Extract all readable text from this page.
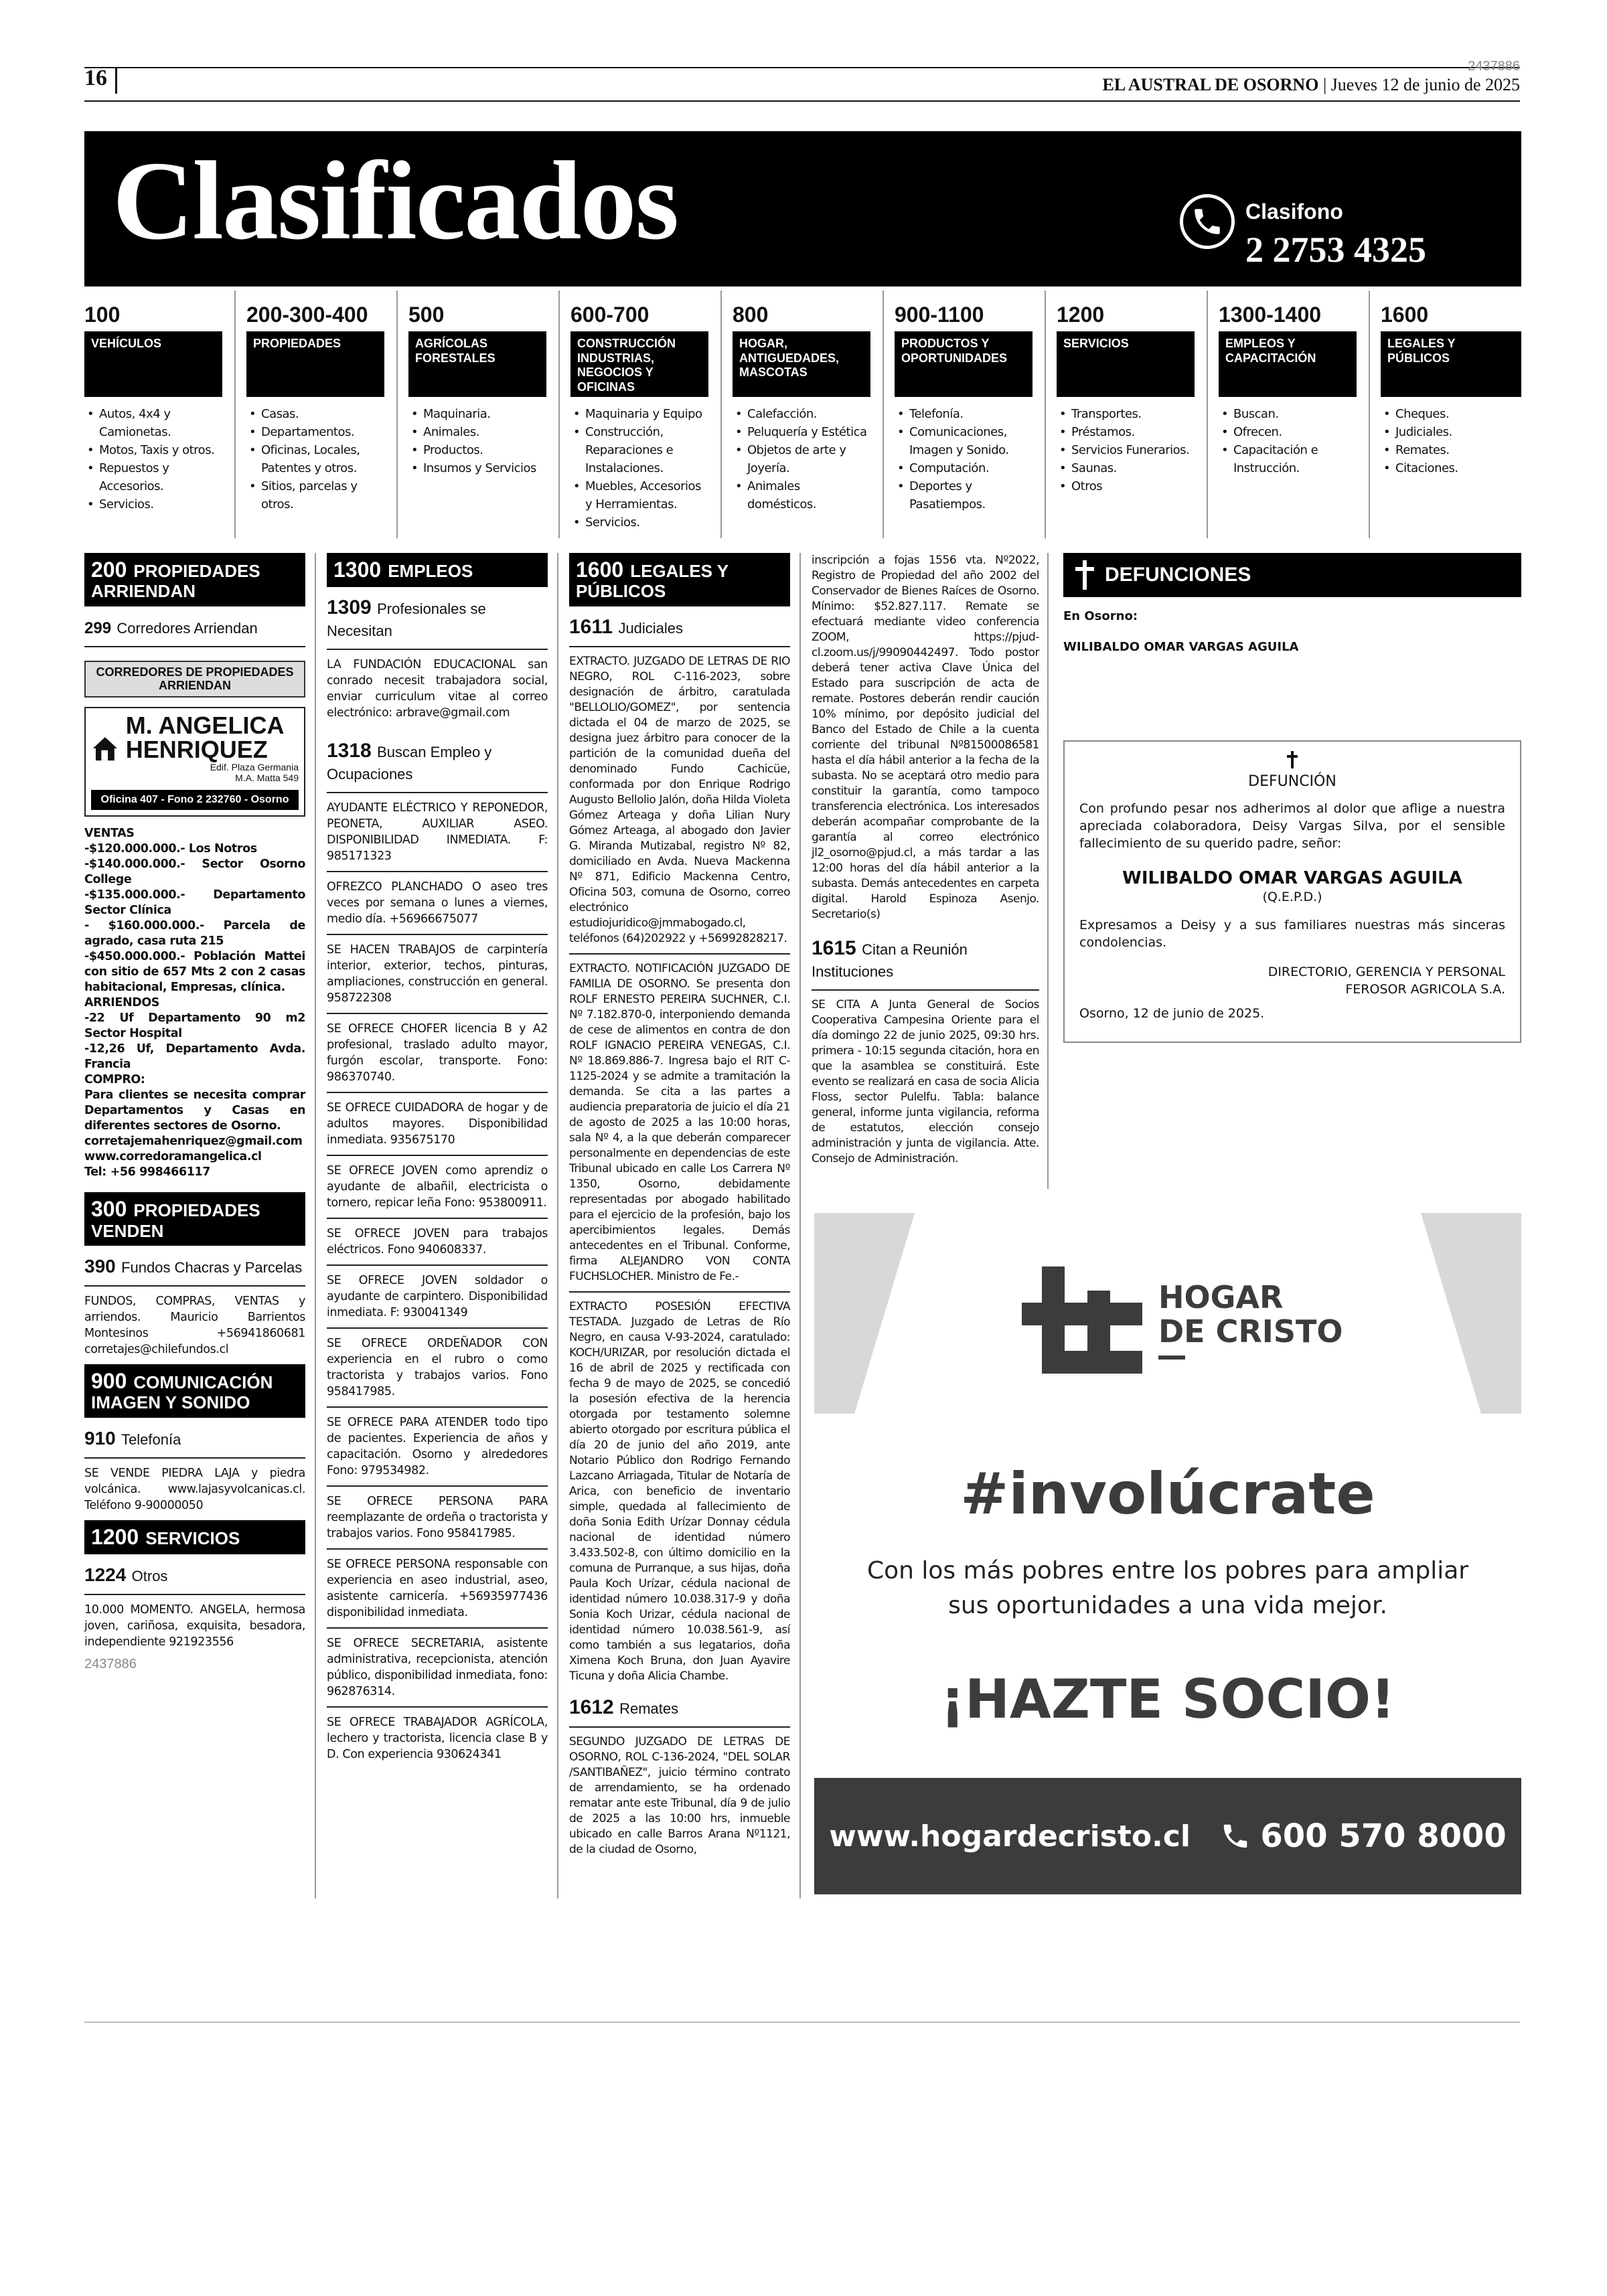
16	2437886
EL AUSTRAL DE OSORNO | Jueves 12 de junio de 2025
Clasificados	Clasifono
2 2753 4325
100
VEHÍCULOS
• Autos, 4x4 y Camionetas.
• Motos, Taxis y otros.
• Repuestos y Accesorios.
• Servicios.
200-300-400
PROPIEDADES
• Casas.
• Departamentos.
• Oficinas, Locales, Patentes y otros.
• Sitios, parcelas y otros.
500
AGRÍCOLAS FORESTALES
• Maquinaria.
• Animales.
• Productos.
• Insumos y Servicios
600-700
CONSTRUCCIÓN INDUSTRIAS, NEGOCIOS Y OFICINAS
• Maquinaria y Equipo
• Construcción, Reparaciones e Instalaciones.
• Muebles, Accesorios y Herramientas.
• Servicios.
800
HOGAR, ANTIGUEDADES, MASCOTAS
• Calefacción.
• Peluquería y Estética
• Objetos de arte y Joyería.
• Animales domésticos.
900-1100
PRODUCTOS Y OPORTUNIDADES
• Telefonía.
• Comunicaciones, Imagen y Sonido.
• Computación.
• Deportes y Pasatiempos.
1200
SERVICIOS
• Transportes.
• Préstamos.
• Servicios Funerarios.
• Saunas.
• Otros
1300-1400
EMPLEOS Y CAPACITACIÓN
• Buscan.
• Ofrecen.
• Capacitación e Instrucción.
1600
LEGALES Y PÚBLICOS
• Cheques.
• Judiciales.
• Remates.
• Citaciones.
200 PROPIEDADES ARRIENDAN
299 Corredores Arriendan
CORREDORES DE PROPIEDADES ARRIENDAN
M. ANGELICA HENRIQUEZ
Edif. Plaza Germania
M.A. Matta 549
Oficina 407 - Fono 2 232760 - Osorno
VENTAS
-$120.000.000.- Los Notros
-$140.000.000.- Sector Osorno College
-$135.000.000.- Departamento Sector Clínica
- $160.000.000.- Parcela de agrado, casa ruta 215
-$450.000.000.- Población Mattei con sitio de 657 Mts 2 con 2 casas habitacional, Empresas, clínica.
ARRIENDOS
-22 Uf Departamento 90 m2 Sector Hospital
-12,26 Uf, Departamento Avda. Francia
COMPRO:
Para clientes se necesita comprar Departamentos y Casas en diferentes sectores de Osorno.
corretajemahenriquez@gmail.com
www.corredoramangelica.cl
Tel: +56 998466117
300 PROPIEDADES VENDEN
390 Fundos Chacras y Parcelas
FUNDOS, COMPRAS, VENTAS y arriendos. Mauricio Barrientos Montesinos +56941860681 corretajes@chilefundos.cl
900 COMUNICACIÓN IMAGEN Y SONIDO
910 Telefonía
SE VENDE PIEDRA LAJA y piedra volcánica. www.lajasyvolcanicas.cl. Teléfono 9-90000050
1200 SERVICIOS
1224 Otros
10.000 MOMENTO. ANGELA, hermosa joven, cariñosa, exquisita, besadora, independiente 921923556
2437886
1300 EMPLEOS
1309 Profesionales se Necesitan
LA FUNDACIÓN EDUCACIONAL san conrado necesit trabajadora social, enviar curriculum vitae al correo electrónico: arbrave@gmail.com
1318 Buscan Empleo y Ocupaciones
AYUDANTE ELÉCTRICO Y REPONEDOR, PEONETA, AUXILIAR ASEO. DISPONIBILIDAD INMEDIATA. F: 985171323
OFREZCO PLANCHADO O aseo tres veces por semana o lunes a viernes, medio día. +56966675077
SE HACEN TRABAJOS de carpintería interior, exterior, techos, pinturas, ampliaciones, construcción en general. 958722308
SE OFRECE CHOFER licencia B y A2 profesional, traslado adulto mayor, furgón escolar, transporte. Fono: 986370740.
SE OFRECE CUIDADORA de hogar y de adultos mayores. Disponibilidad inmediata. 935675170
SE OFRECE JOVEN como aprendiz o ayudante de albañil, electricista o tornero, repicar leña Fono: 953800911.
SE OFRECE JOVEN para trabajos eléctricos. Fono 940608337.
SE OFRECE JOVEN soldador o ayudante de carpintero. Disponibilidad inmediata. F: 930041349
SE OFRECE ORDEÑADOR CON experiencia en el rubro o como tractorista y trabajos varios. Fono 958417985.
SE OFRECE PARA ATENDER todo tipo de pacientes. Experiencia de años y capacitación. Osorno y alrededores Fono: 979534982.
SE OFRECE PERSONA PARA reemplazante de ordeña o tractorista y trabajos varios. Fono 958417985.
SE OFRECE PERSONA responsable con experiencia en aseo industrial, aseo, asistente carnicería. +56935977436 disponibilidad inmediata.
SE OFRECE SECRETARIA, asistente administrativa, recepcionista, atención público, disponibilidad inmediata, fono: 962876314.
SE OFRECE TRABAJADOR AGRÍCOLA, lechero y tractorista, licencia clase B y D. Con experiencia 930624341
1600 LEGALES Y PÚBLICOS
1611 Judiciales
EXTRACTO. JUZGADO DE LETRAS DE RIO NEGRO, ROL C-116-2023, sobre designación de árbitro, caratulada "BELLOLIO/GOMEZ", por sentencia dictada el 04 de marzo de 2025, se designa juez árbitro para conocer de la partición de la comunidad dueña del denominado Fundo Cachicüe, conformada por don Enrique Rodrigo Augusto Bellolio Jalón, doña Hilda Violeta Gómez Arteaga y doña Lilian Nury Gómez Arteaga, al abogado don Javier G. Miranda Mutizabal, registro Nº 82, domiciliado en Avda. Nueva Mackenna Nº 871, Edificio Mackenna Centro, Oficina 503, comuna de Osorno, correo electrónico estudiojuridico@jmmabogado.cl, teléfonos (64)202922 y +56992828217.
EXTRACTO. NOTIFICACIÓN JUZGADO DE FAMILIA DE OSORNO. Se presenta don ROLF ERNESTO PEREIRA SUCHNER, C.I. Nº 7.182.870-0, interponiendo demanda de cese de alimentos en contra de don ROLF IGNACIO PEREIRA VENEGAS, C.I. Nº 18.869.886-7. Ingresa bajo el RIT C-1125-2024 y se admite a tramitación la demanda. Se cita a las partes a audiencia preparatoria de juicio el día 21 de agosto de 2025 a las 10:00 horas, sala Nº 4, a la que deberán comparecer personalmente en dependencias de este Tribunal ubicado en calle Los Carrera Nº 1350, Osorno, debidamente representadas por abogado habilitado para el ejercicio de la profesión, bajo los apercibimientos legales. Demás antecedentes en el Tribunal. Conforme, firma ALEJANDRO VON CONTA FUCHSLOCHER. Ministro de Fe.-
EXTRACTO POSESIÓN EFECTIVA TESTADA. Juzgado de Letras de Río Negro, en causa V-93-2024, caratulado: KOCH/URIZAR, por resolución dictada el 16 de abril de 2025 y rectificada con fecha 9 de mayo de 2025, se concedió la posesión efectiva de la herencia otorgada por testamento solemne abierto otorgado por escritura pública el día 20 de junio del año 2019, ante Notario Público don Rodrigo Fernando Lazcano Arriagada, Titular de Notaría de Arica, con beneficio de inventario simple, quedada al fallecimiento de doña Sonia Edith Urízar Donnay cédula nacional de identidad número 3.433.502-8, con último domicilio en la comuna de Purranque, a sus hijas, doña Paula Koch Urízar, cédula nacional de identidad número 10.038.317-9 y doña Sonia Koch Urizar, cédula nacional de identidad número 10.038.561-9, así como también a sus legatarios, doña Ximena Koch Bruna, don Juan Ayavire Ticuna y doña Alicia Chambe.
1612 Remates
SEGUNDO JUZGADO DE LETRAS DE OSORNO, ROL C-136-2024, "DEL SOLAR /SANTIBAÑEZ", juicio término contrato de arrendamiento, se ha ordenado rematar ante este Tribunal, día 9 de julio de 2025 a las 10:00 hrs, inmueble ubicado en calle Barros Arana Nº1121, de la ciudad de Osorno,
inscripción a fojas 1556 vta. Nº2022, Registro de Propiedad del año 2002 del Conservador de Bienes Raíces de Osorno. Mínimo: $52.827.117. Remate se efectuará mediante video conferencia ZOOM, https://pjud-cl.zoom.us/j/99090442497. Todo postor deberá tener activa Clave Única del Estado para suscripción de acta de remate. Postores deberán rendir caución 10% mínimo, por depósito judicial del Banco del Estado de Chile a la cuenta corriente del tribunal Nº81500086581 hasta el día hábil anterior a la fecha de la subasta. No se aceptará otro medio para constituir la garantía, como tampoco transferencia electrónica. Los interesados deberán acompañar comprobante de la garantía al correo electrónico jl2_osorno@pjud.cl, a más tardar a las 12:00 horas del día hábil anterior a la subasta. Demás antecedentes en carpeta digital. Harold Espinoza Asenjo. Secretario(s)
1615 Citan a Reunión Instituciones
SE CITA A Junta General de Socios Cooperativa Campesina Oriente para el día domingo 22 de junio 2025, 09:30 hrs. primera - 10:15 segunda citación, hora en que la asamblea se constituirá. Este evento se realizará en casa de socia Alicia Floss, sector Pulelfu. Tabla: balance general, informe junta vigilancia, reforma de estatutos, elección consejo administración y junta de vigilancia. Atte. Consejo de Administración.
DEFUNCIONES
En Osorno:
WILIBALDO OMAR VARGAS AGUILA
DEFUNCIÓN
Con profundo pesar nos adherimos al dolor que aflige a nuestra apreciada colaboradora, Deisy Vargas Silva, por el sensible fallecimiento de su querido padre, señor:
WILIBALDO OMAR VARGAS AGUILA
(Q.E.P.D.)
Expresamos a Deisy y a sus familiares nuestras más sinceras condolencias.
DIRECTORIO, GERENCIA Y PERSONAL
FEROSOR AGRICOLA S.A.
Osorno, 12 de junio de 2025.
HOGAR
DE CRISTO
#involúcrate
Con los más pobres entre los pobres para ampliar
sus oportunidades a una vida mejor.
¡HAZTE SOCIO!
www.hogardecristo.cl 600 570 8000
